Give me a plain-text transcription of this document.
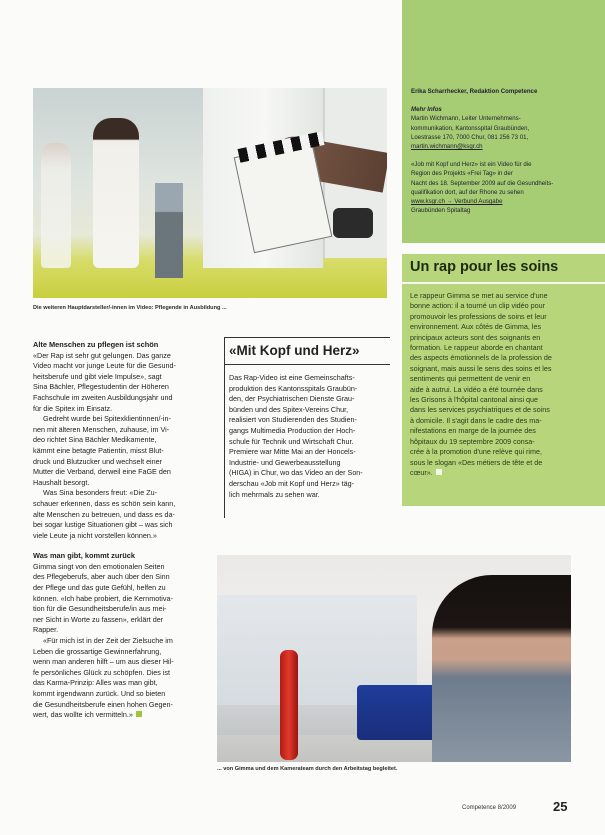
Die weiteren Hauptdarsteller/-innen im Video: Pflegende in Ausbildung ...

Alte Menschen zu pflegen ist schön

«Der Rap ist sehr gut gelungen. Das ganze

Video macht vor junge Leute für die Gesund-

heitsberufe und gibt viele Impulse», sagt

Sina Bächler, Pflegestudentin der Höheren

Fachschule im zweiten Ausbildungsjahr und

für die Spitex im Einsatz.

Gedreht wurde bei Spitexklientinnen/-in-

nen mit älteren Menschen, zuhause, im Vi-

deo richtet Sina Bächler Medikamente,

kämmt eine betagte Patientin, misst Blut-

druck und Blutzucker und wechselt einer

Mutter die Verband, derweil eine FaGE den

Haushalt besorgt.

Was Sina besonders freut: «Die Zu-

schauer erkennen, dass es schön sein kann,

alte Menschen zu betreuen, und dass es da-

bei sogar lustige Situationen gibt – was sich

viele Leute ja nicht vorstellen können.»

Was man gibt, kommt zurück

Gimma singt von den emotionalen Seiten

des Pflegeberufs, aber auch über den Sinn

der Pflege und das gute Gefühl, helfen zu

können. «Ich habe probiert, die Kernmotiva-

tion für die Gesundheitsberufe/in aus mei-

ner Sicht in Worte zu fassen», erklärt der

Rapper.

«Für mich ist in der Zeit der Zielsuche im

Leben die grossartige Gewinnerfahrung,

wenn man anderen hilft – um aus dieser Hil-

fe persönliches Glück zu schöpfen. Dies ist

das Karma-Prinzip: Alles was man gibt,

kommt irgendwann zurück. Und so bieten

die Gesundheitsberufe einen hohen Gegen-

wert, das wollte ich vermitteln.»

«Mit Kopf und Herz»

Das Rap-Video ist eine Gemeinschafts-

produktion des Kantonsspitals Graubün-

den, der Psychiatrischen Dienste Grau-

bünden und des Spitex-Vereins Chur,

realisiert von Studierenden des Studien-

gangs Multimedia Production der Hoch-

schule für Technik und Wirtschaft Chur.

Premiere war Mitte Mai an der Honcels-

Industrie- und Gewerbeausstellung

(HIGA) in Chur, wo das Video an der Son-

derschau «Job mit Kopf und Herz» täg-

lich mehrmals zu sehen war.

Erika Scharrhecker, Redaktion Competence
Mehr Infos
Martin Wichmann, Leiter Unternehmens-
kommunikation, Kantonsspital Graubünden,
Loestrasse 170, 7000 Chur, 081 256 73 01,
martin.wichmann@ksgr.ch
«Job mit Kopf und Herz» ist ein Video für die
Region des Projekts «Frei Tag» in der
Nacht des 18. September 2009 auf die Gesundheits-
qualifikation dort, auf der Rhone zu sehen
www.ksgr.ch → Verbund Ausgabe
Graubünden Spitaltag
Un rap pour les soins
Le rappeur Gimma se met au service d'une
bonne action: il a tourné un clip vidéo pour
promouvoir les professions de soins et leur
environnement. Aux côtés de Gimma, les
principaux acteurs sont des soignants en
formation. Le rappeur aborde en chantant
des aspects émotionnels de la profession de
soignant, mais aussi le sens des soins et les
sentiments qui permettent de venir en
aide à autrui. La vidéo a été tournée dans
les Grisons à l'hôpital cantonal ainsi que
dans les services psychiatriques et de soins
à domicile. Il s'agit dans le cadre des ma-
nifestations en marge de la journée des
hôpitaux du 19 septembre 2009 consa-
crée à la promotion d'une relève qui rime,
sous le slogan «Des métiers de tête et de
cœur».
... von Gimma und dem Kamerateam durch den Arbeitstag begleitet.
Competence 8/2009	25
